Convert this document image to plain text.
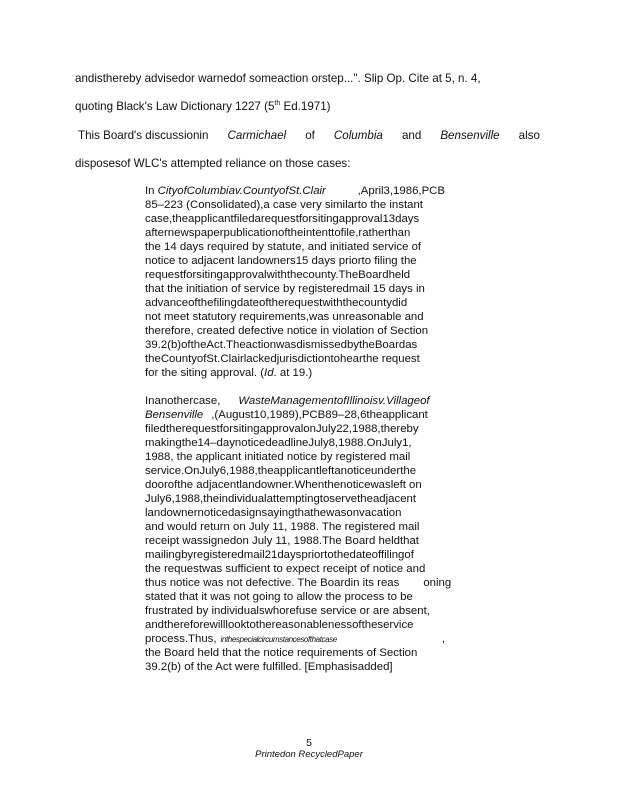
andisthereby advisedor warnedof someaction orstep...". Slip Op. Cite at 5, n. 4,
quoting Black's Law Dictionary 1227 (5th Ed.1971)
This Board's discussionin Carmichael of Columbia and Bensenville also
disposesof WLC's attempted reliance on those cases:
In CityofColumbiav.CountyofSt.Clair	,April3,1986,PCB
85–223 (Consolidated),a case very similarto the instant
case,theapplicantfiledarequestforsitingapproval13days
afternewspaperpublicationoftheintenttofile,ratherthan
the 14 days required by statute, and initiated service of
notice to adjacent landowners15 days priorto filing the
requestforsitingapprovalwiththecounty.TheBoardheld
that the initiation of service by registeredmail 15 days in
advanceofthefilingdateoftherequestwiththecountydid
not meet statutory requirements,was unreasonable and
therefore, created defective notice in violation of Section
39.2(b)oftheAct.TheactionwasdismissedbytheBoardas
theCountyofSt.Clairlackedjurisdictiontohearthe request
for the siting approval. (Id. at 19.)
Inanothercase, WasteManagementofIllinoisv.Villageof
Bensenville ,(August10,1989),PCB89–28,6theapplicant
filedtherequestforsitingapprovalonJuly22,1988,thereby
makingthe14–daynoticedeadlineJuly8,1988.OnJuly1,
1988, the applicant initiated notice by registered mail
service.OnJuly6,1988,theapplicantleftanoticeunderthe
doorofthe adjacentlandowner.Whenthenoticewasleft on
July6,1988,theindividualattemptingtoservetheadjacent
landownernoticedasignsayingthathewasonvacation
and would return on July 11, 1988. The registered mail
receipt wassignedon July 11, 1988.The Board heldthat
mailingbyregisteredmail21dayspriortothedateoffilingof
the requestwas sufficient to expect receipt of notice and
thus notice was not defective. The Boardin its reas oning
stated that it was not going to allow the process to be
frustrated by individualswhorefuse service or are absent,
andthereforewilllooktothereasonablenessoftheservice
process.Thus, inthespecialcircumstancesofthatcase	,
the Board held that the notice requirements of Section
39.2(b) of the Act were fulfilled. [Emphasisadded]
5
Printedon RecycledPaper
